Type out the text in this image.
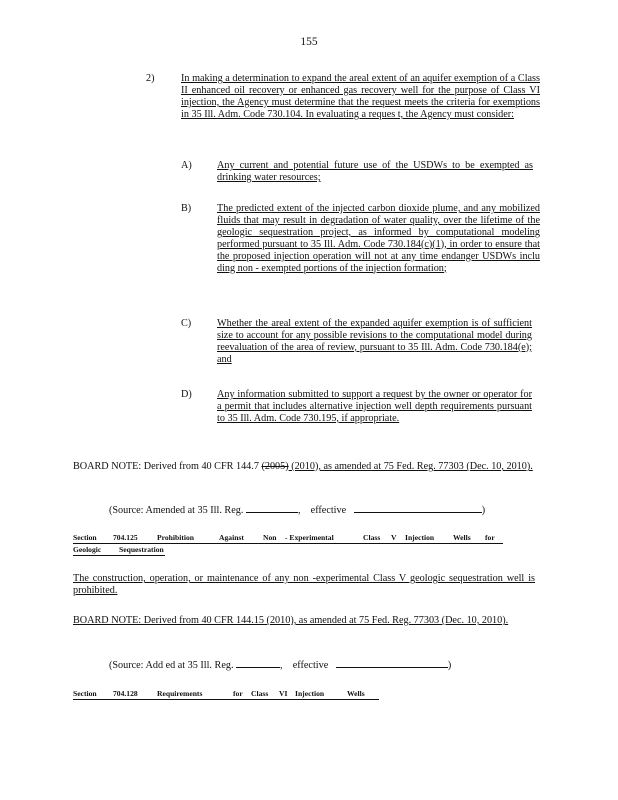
155
2)	In making a determination to expand the areal extent of an aquifer exemption of a Class II enhanced oil recovery or enhanced gas recovery well for the purpose of Class VI injection, the Agency must determine that the request meets the criteria for exemptions in 35 Ill. Adm. Code 730.104. In evaluating a reques t, the Agency must consider:
A) Any current and potential future use of the USDWs to be exempted as drinking water resources;
B)	The predicted extent of the injected carbon dioxide plume, and any mobilized fluids that may result in degradation of water quality, over the lifetime of the geologic sequestration project, as informed by computational modeling performed pursuant to 35 Ill. Adm. Code 730.184(c)(1), in order to ensure that the proposed injection operation will not at any time endanger USDWs inclu ding non - exempted portions of the injection formation;
C)	Whether the areal extent of the expanded aquifer exemption is of sufficient size to account for any possible revisions to the computational model during reevaluation of the area of review, pursuant to 35 Ill. Adm. Code 730.184(e); and
D) Any information submitted to support a request by the owner or operator for a permit that includes alternative injection well depth requirements pursuant to 35 Ill. Adm. Code 730.195, if appropriate.
BOARD NOTE: Derived from 40 CFR 144.7 (2005) (2010), as amended at 75 Fed. Reg. 77303 (Dec. 10, 2010).
(Source: Amended at 35 Ill. Reg.	,    effective	)
Section 704.125	Prohibition	Against	Non - Experimental	Class V Injection Wells for
Geologic Sequestration
The construction, operation, or maintenance of any non -experimental Class V geologic sequestration well is prohibited.
BOARD NOTE: Derived from 40 CFR 144.15 (2010), as amended at 75 Fed. Reg. 77303 (Dec. 10, 2010).
(Source: Add ed at 35 Ill. Reg.	,    effective	)
Section 704.128	Requirements	for Class VI Injection	Wells
